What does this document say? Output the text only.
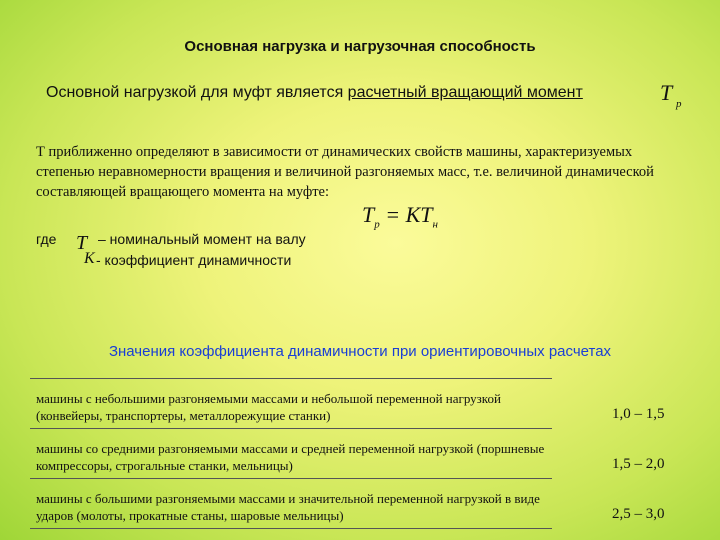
Основная нагрузка и нагрузочная способность
Основной нагрузкой для муфт является расчетный вращающий момент	T р
Т приближенно определяют в зависимости от динамических свойств машины, характеризуемых степенью неравномерности вращения и величиной разгоняемых масс, т.е. величиной динамической составляющей вращающего момента на муфте:
$T_р = KT_н$
где T
K
– номинальный момент на валу
- коэффициент динамичности
Значения коэффициента динамичности при ориентировочных расчетах
машины с небольшими разгоняемыми массами и небольшой переменной нагрузкой (конвейеры, транспортеры, металлорежущие станки)	1,0 – 1,5
машины со средними разгоняемыми массами и средней переменной нагрузкой (поршневые компрессоры, строгальные станки, мельницы)	1,5 – 2,0
машины с большими разгоняемыми массами и значительной переменной нагрузкой в виде ударов (молоты, прокатные станы, шаровые мельницы)	2,5 – 3,0
